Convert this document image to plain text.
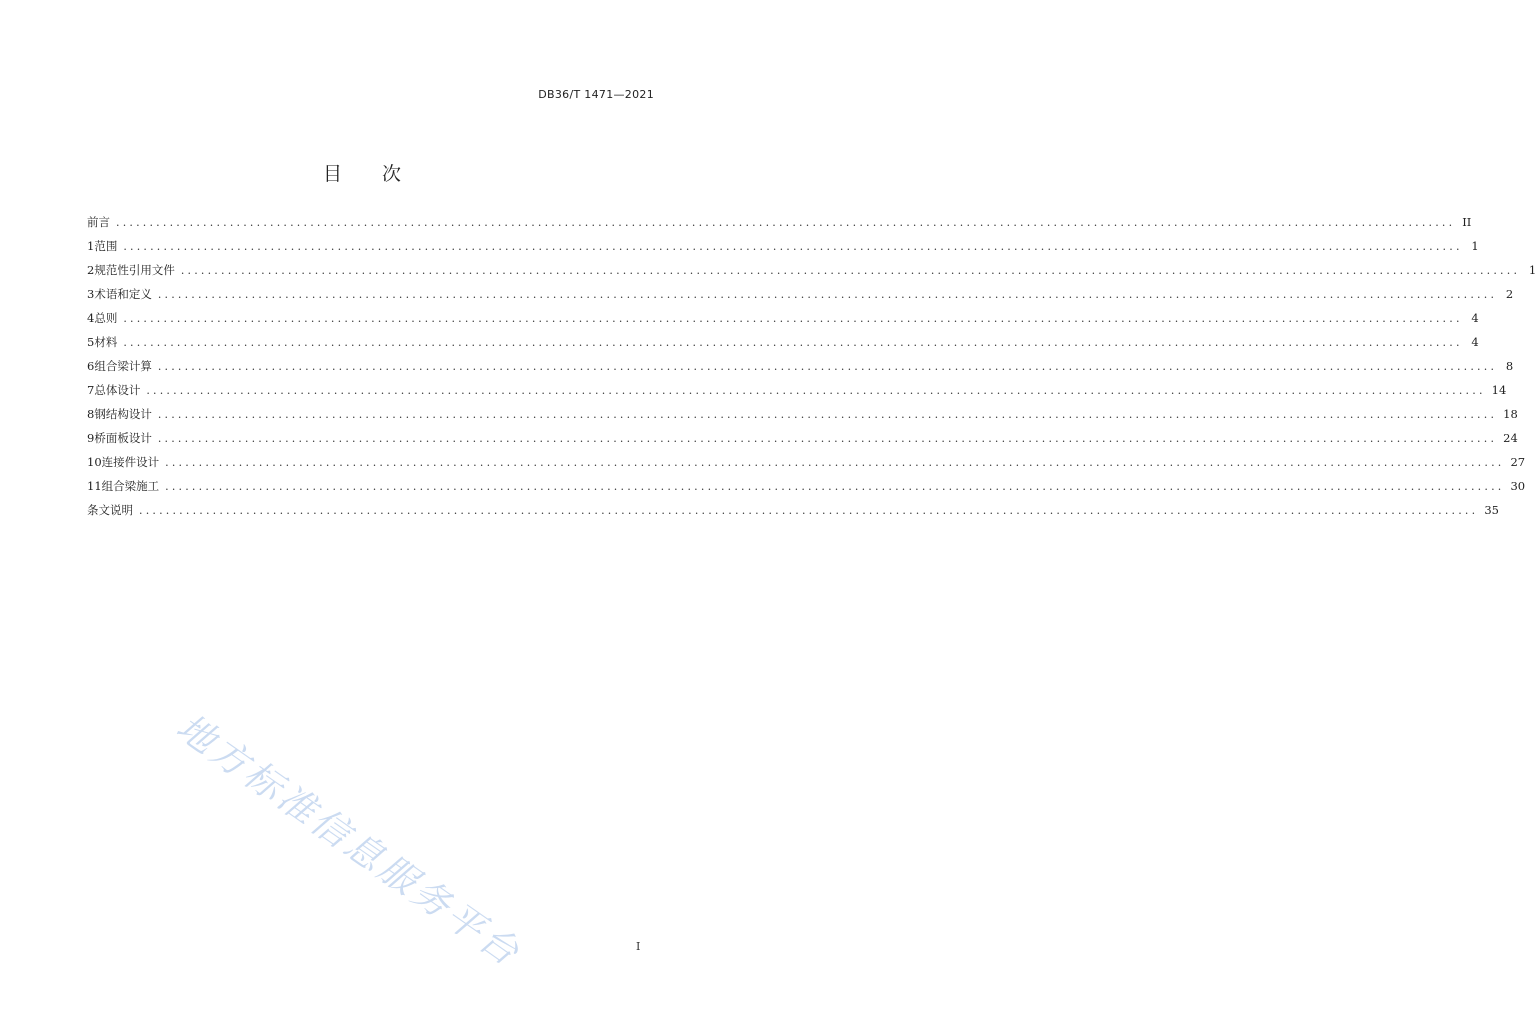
DB36/T 1471—2021
目 次
前言 ........................................................................................................................................................................................................ II
1 范围 ........................................................................................................................................................................................................ 1
2 规范性引用文件 ........................................................................................................................................................................................................ 1
3 术语和定义 ........................................................................................................................................................................................................ 2
4 总则 ........................................................................................................................................................................................................ 4
5 材料 ........................................................................................................................................................................................................ 4
6 组合梁计算 ........................................................................................................................................................................................................ 8
7 总体设计 ........................................................................................................................................................................................................ 14
8 钢结构设计 ........................................................................................................................................................................................................ 18
9 桥面板设计 ........................................................................................................................................................................................................ 24
10 连接件设计 ........................................................................................................................................................................................................ 27
11 组合梁施工 ........................................................................................................................................................................................................ 30
条文说明 ........................................................................................................................................................................................................ 35
地方标准信息服务平台	I
